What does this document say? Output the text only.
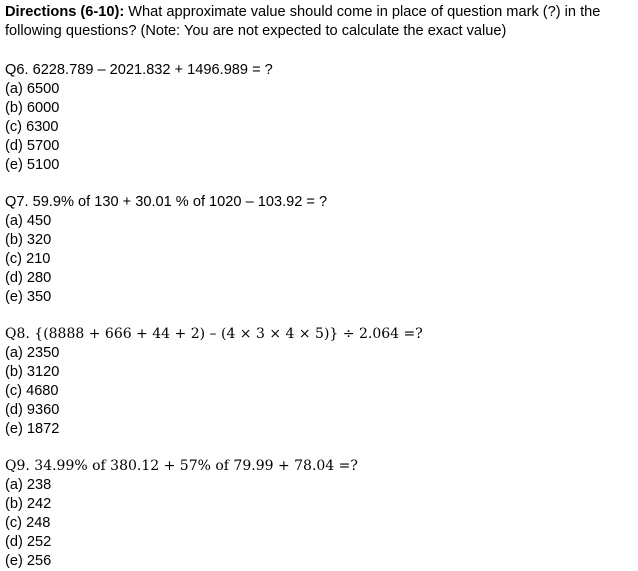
Directions (6-10): What approximate value should come in place of question mark (?) in the following questions? (Note: You are not expected to calculate the exact value)

Q6. 6228.789 – 2021.832 + 1496.989 = ?
(a) 6500
(b) 6000
(c) 6300
(d) 5700
(e) 5100
Q7. 59.9% of 130 + 30.01 % of 1020 – 103.92 = ?
(a) 450
(b) 320
(c) 210
(d) 280
(e) 350
Q8. {(8888 + 666 + 44 + 2) – (4 × 3 × 4 × 5)} ÷ 2.064 =?
(a) 2350
(b) 3120
(c) 4680
(d) 9360
(e) 1872
Q9. 34.99% of 380.12 + 57% of 79.99 + 78.04 =?
(a) 238
(b) 242
(c) 248
(d) 252
(e) 256
